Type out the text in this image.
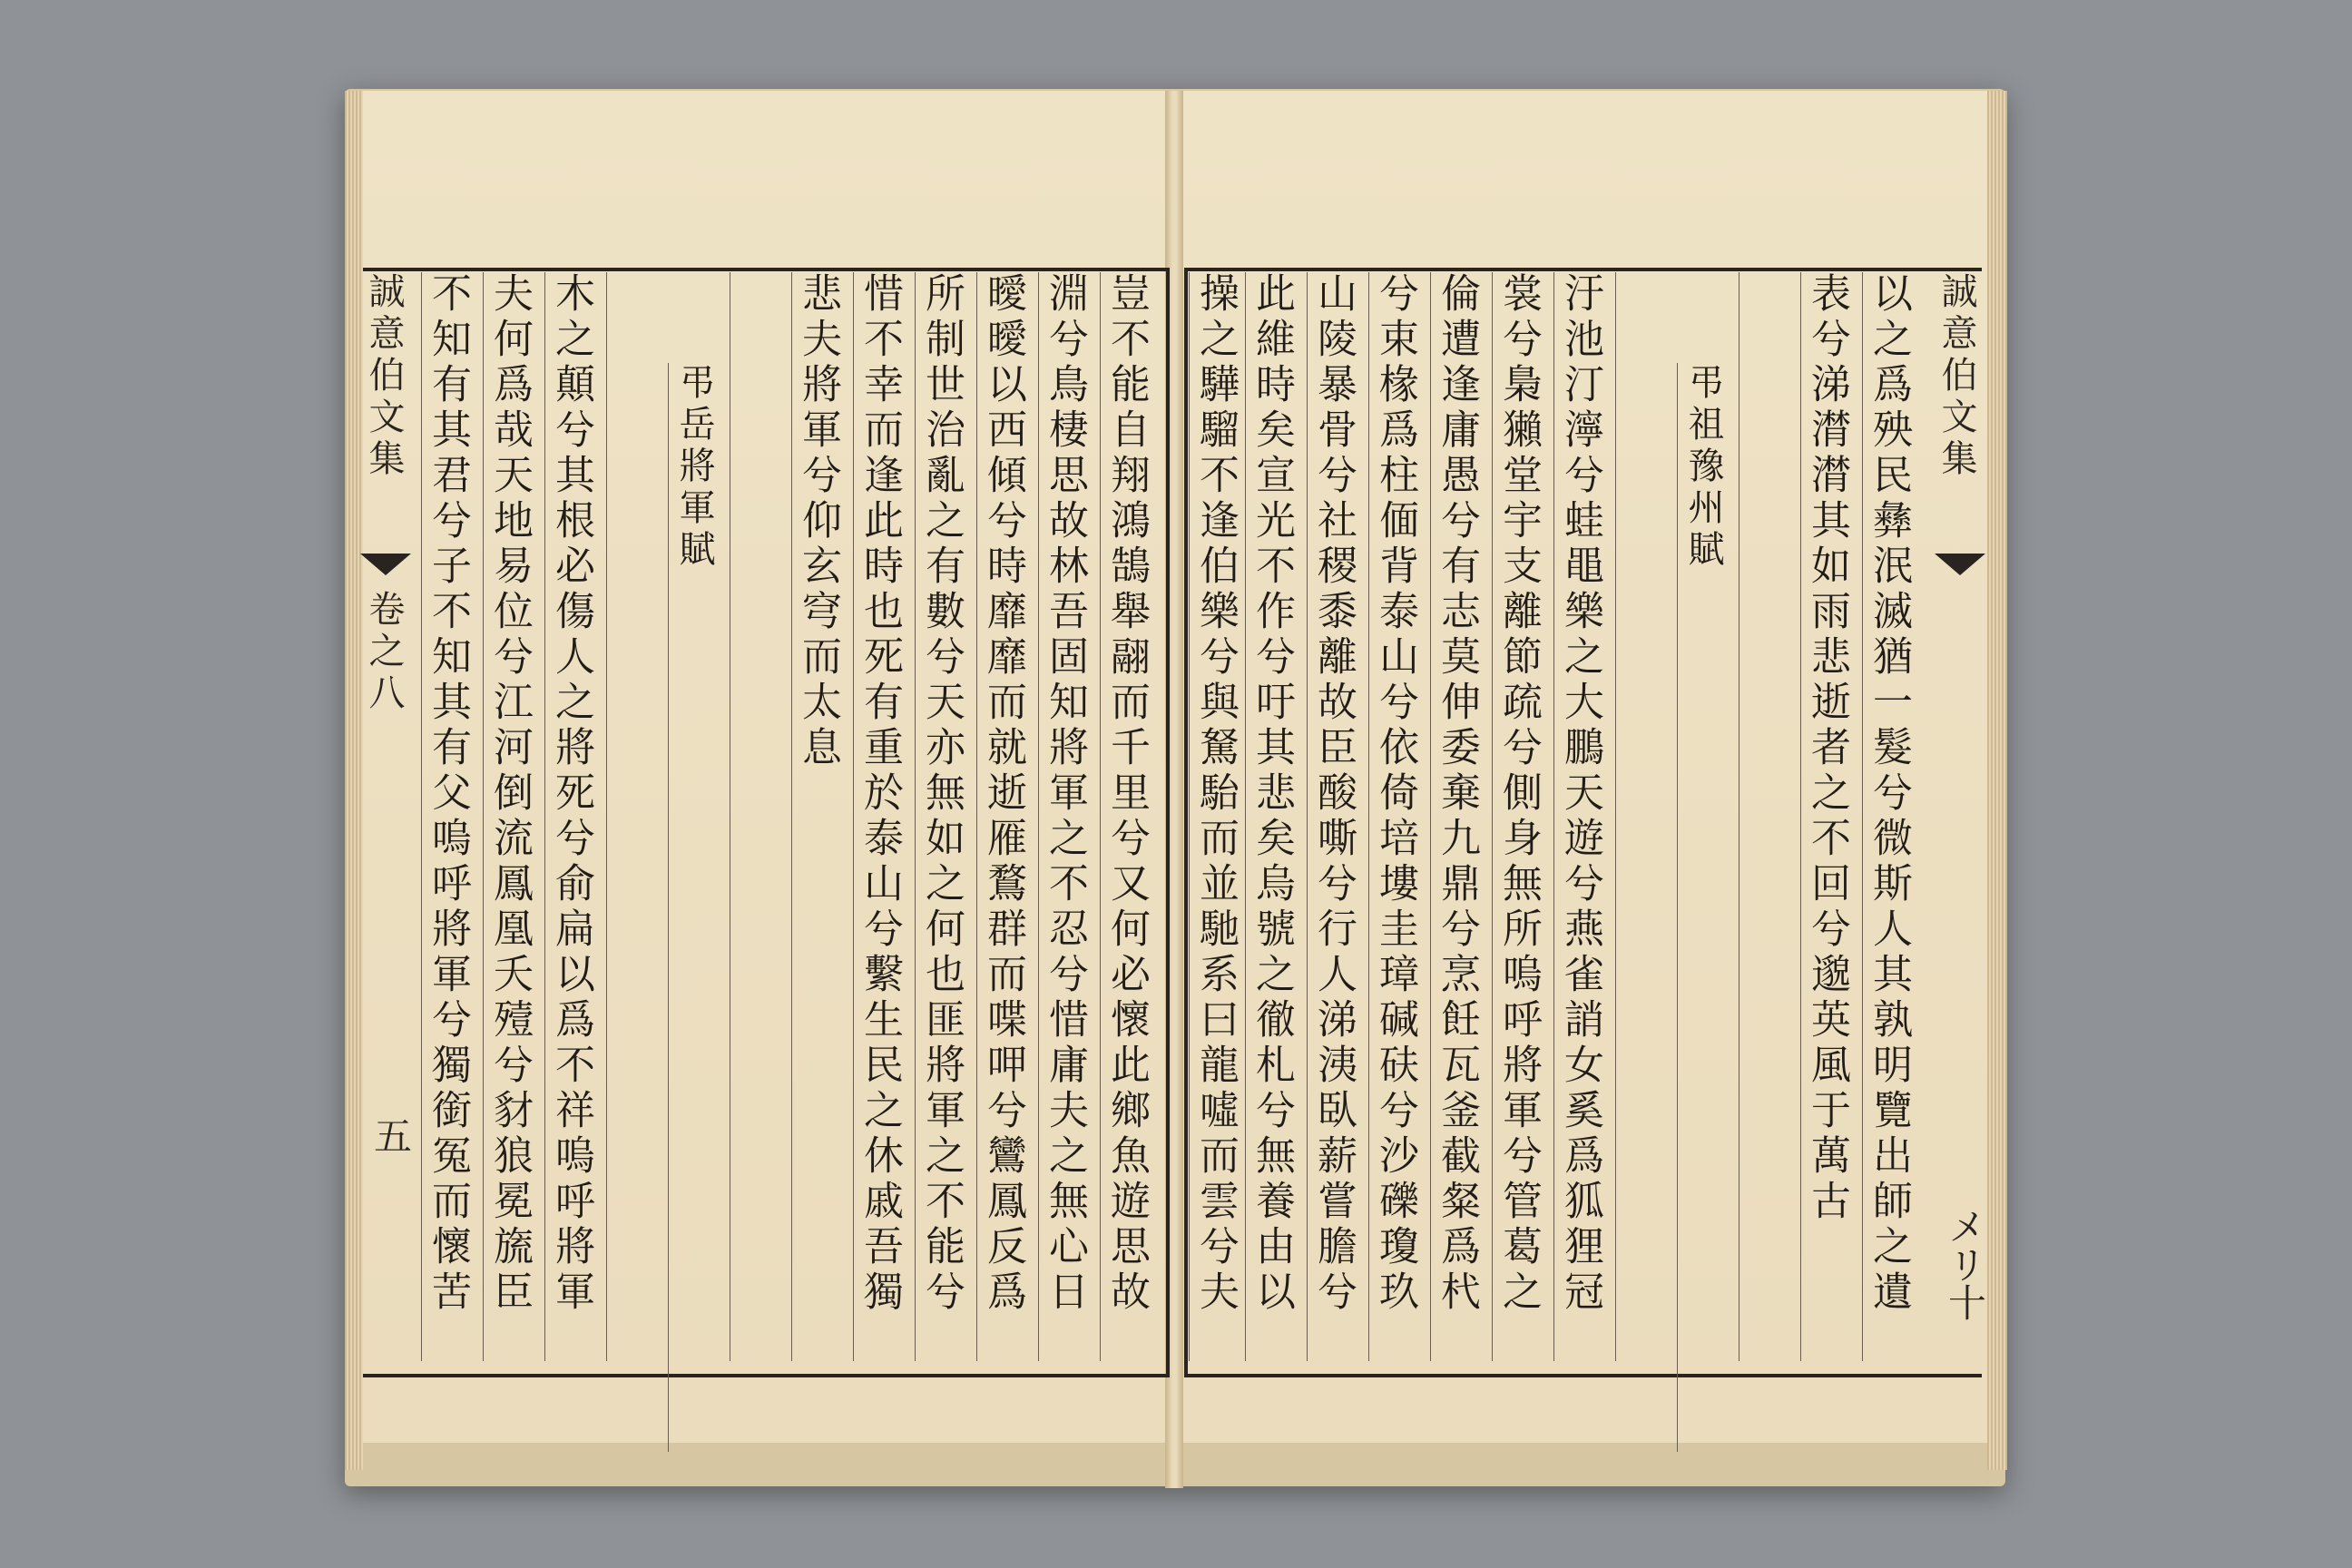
誠意伯文集
卷之八
五	豈不能自翔鴻鵠舉翮而千里兮又何必懷此鄉魚遊思故
淵兮鳥棲思故林吾固知將軍之不忍兮惜庸夫之無心日
曖曖以西傾兮時靡靡而就逝雁鶩群而喋呷兮鸞鳳反爲
所制世治亂之有數兮天亦無如之何也匪將軍之不能兮
惜不幸而逢此時也死有重於泰山兮繫生民之休戚吾獨
悲夫將軍兮仰玄穹而太息
弔岳將軍賦
木之顛兮其根必傷人之將死兮俞扁以爲不祥嗚呼將軍
夫何爲哉天地易位兮江河倒流鳳凰夭殪兮豺狼冕旒臣
不知有其君兮子不知其有父嗚呼將軍兮獨銜冤而懷苦	誠意伯文集
メリ十
以之爲殃民彝泯滅猶一髮兮微斯人其孰明覽出師之遺
表兮涕潸潸其如雨悲逝者之不回兮邈英風于萬古
弔祖豫州賦
汙池汀濘兮蛙黽樂之大鵬天遊兮燕雀誚女奚爲狐狸冠
裳兮梟獺堂宇支離節疏兮側身無所嗚呼將軍兮管葛之
倫遭逢庸愚兮有志莫伸委棄九鼎兮烹飪瓦釜截粲爲杙
兮束椽爲柱偭背泰山兮依倚培塿圭璋碱砆兮沙礫瓊玖
山陵暴骨兮社稷黍離故臣酸嘶兮行人涕洟臥薪嘗膽兮
此維時矣宣光不作兮吁其悲矣烏號之徹札兮無養由以
操之驊騮不逢伯樂兮與駑駘而並馳系曰龍噓而雲兮夫
